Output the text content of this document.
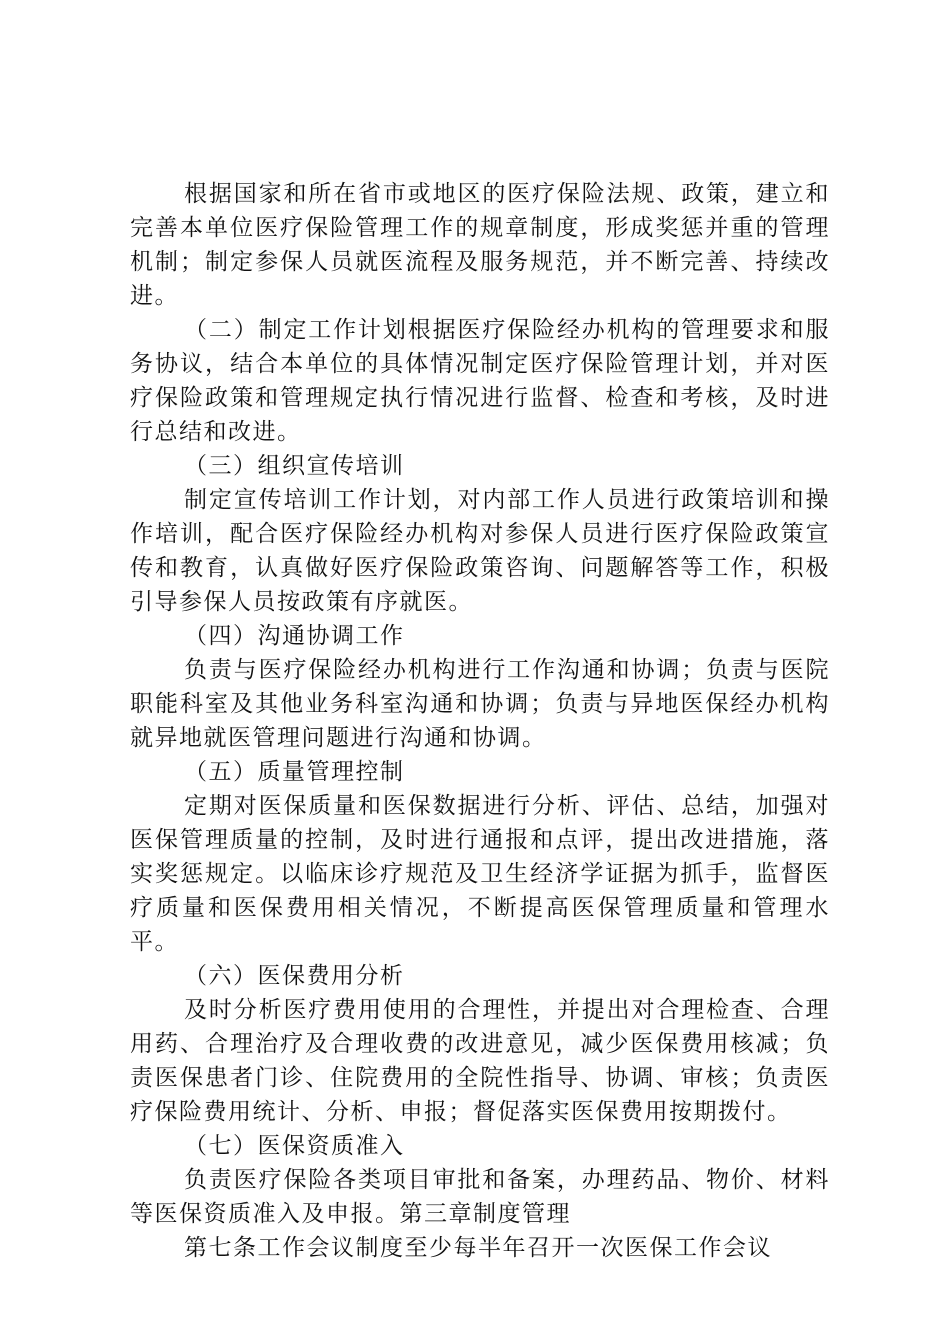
根据国家和所在省市或地区的医疗保险法规、政策，建立和完善本单位医疗保险管理工作的规章制度，形成奖惩并重的管理机制；制定参保人员就医流程及服务规范，并不断完善、持续改进。

（二）制定工作计划根据医疗保险经办机构的管理要求和服务协议，结合本单位的具体情况制定医疗保险管理计划，并对医疗保险政策和管理规定执行情况进行监督、检查和考核，及时进行总结和改进。

（三）组织宣传培训

制定宣传培训工作计划，对内部工作人员进行政策培训和操作培训，配合医疗保险经办机构对参保人员进行医疗保险政策宣传和教育，认真做好医疗保险政策咨询、问题解答等工作，积极引导参保人员按政策有序就医。

（四）沟通协调工作

负责与医疗保险经办机构进行工作沟通和协调；负责与医院职能科室及其他业务科室沟通和协调；负责与异地医保经办机构就异地就医管理问题进行沟通和协调。

（五）质量管理控制

定期对医保质量和医保数据进行分析、评估、总结，加强对医保管理质量的控制，及时进行通报和点评，提出改进措施，落实奖惩规定。以临床诊疗规范及卫生经济学证据为抓手，监督医疗质量和医保费用相关情况，不断提高医保管理质量和管理水平。

（六）医保费用分析

及时分析医疗费用使用的合理性，并提出对合理检查、合理用药、合理治疗及合理收费的改进意见，减少医保费用核减；负责医保患者门诊、住院费用的全院性指导、协调、审核；负责医疗保险费用统计、分析、申报；督促落实医保费用按期拨付。

（七）医保资质准入

负责医疗保险各类项目审批和备案，办理药品、物价、材料等医保资质准入及申报。第三章制度管理

第七条工作会议制度至少每半年召开一次医保工作会议
